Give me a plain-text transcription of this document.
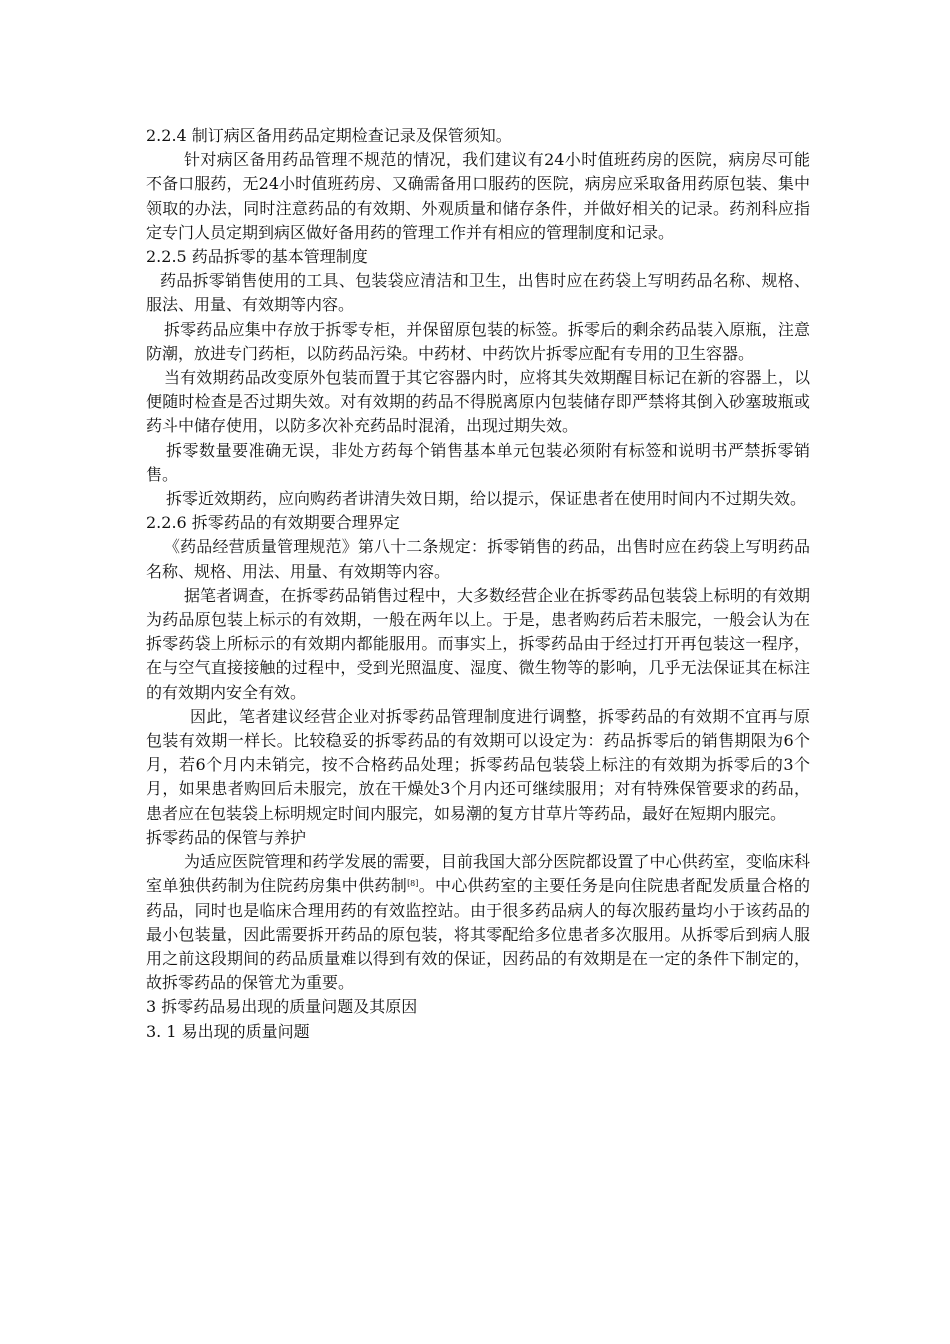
2.2.4 制订病区备用药品定期检查记录及保管须知。

针对病区备用药品管理不规范的情况，我们建议有24小时值班药房的医院，病房尽可能不备口服药，无24小时值班药房、又确需备用口服药的医院，病房应采取备用药原包装、集中领取的办法，同时注意药品的有效期、外观质量和储存条件，并做好相关的记录。药剂科应指定专门人员定期到病区做好备用药的管理工作并有相应的管理制度和记录。

2.2.5 药品拆零的基本管理制度

药品拆零销售使用的工具、包装袋应清洁和卫生，出售时应在药袋上写明药品名称、规格、服法、用量、有效期等内容。

拆零药品应集中存放于拆零专柜，并保留原包装的标签。拆零后的剩余药品装入原瓶，注意防潮，放进专门药柜，以防药品污染。中药材、中药饮片拆零应配有专用的卫生容器。

当有效期药品改变原外包装而置于其它容器内时，应将其失效期醒目标记在新的容器上，以便随时检查是否过期失效。对有效期的药品不得脱离原内包装储存即严禁将其倒入砂塞玻瓶或药斗中储存使用，以防多次补充药品时混淆，出现过期失效。

拆零数量要准确无误，非处方药每个销售基本单元包装必须附有标签和说明书严禁拆零销售。

拆零近效期药，应向购药者讲清失效日期，给以提示，保证患者在使用时间内不过期失效。

2.2.6 拆零药品的有效期要合理界定

《药品经营质量管理规范》第八十二条规定：拆零销售的药品，出售时应在药袋上写明药品名称、规格、用法、用量、有效期等内容。

据笔者调查，在拆零药品销售过程中，大多数经营企业在拆零药品包装袋上标明的有效期为药品原包装上标示的有效期，一般在两年以上。于是，患者购药后若未服完，一般会认为在拆零药袋上所标示的有效期内都能服用。而事实上，拆零药品由于经过打开再包装这一程序，在与空气直接接触的过程中，受到光照温度、湿度、微生物等的影响，几乎无法保证其在标注的有效期内安全有效。

因此，笔者建议经营企业对拆零药品管理制度进行调整，拆零药品的有效期不宜再与原包装有效期一样长。比较稳妥的拆零药品的有效期可以设定为：药品拆零后的销售期限为6个月，若6个月内未销完，按不合格药品处理；拆零药品包装袋上标注的有效期为拆零后的3个月，如果患者购回后未服完，放在干燥处3个月内还可继续服用；对有特殊保管要求的药品，患者应在包装袋上标明规定时间内服完，如易潮的复方甘草片等药品，最好在短期内服完。

拆零药品的保管与养护

为适应医院管理和药学发展的需要，目前我国大部分医院都设置了中心供药室，变临床科室单独供药制为住院药房集中供药制[8]。中心供药室的主要任务是向住院患者配发质量合格的药品，同时也是临床合理用药的有效监控站。由于很多药品病人的每次服药量均小于该药品的最小包装量，因此需要拆开药品的原包装，将其零配给多位患者多次服用。从拆零后到病人服用之前这段期间的药品质量难以得到有效的保证，因药品的有效期是在一定的条件下制定的，故拆零药品的保管尤为重要。

3 拆零药品易出现的质量问题及其原因

3. 1 易出现的质量问题
